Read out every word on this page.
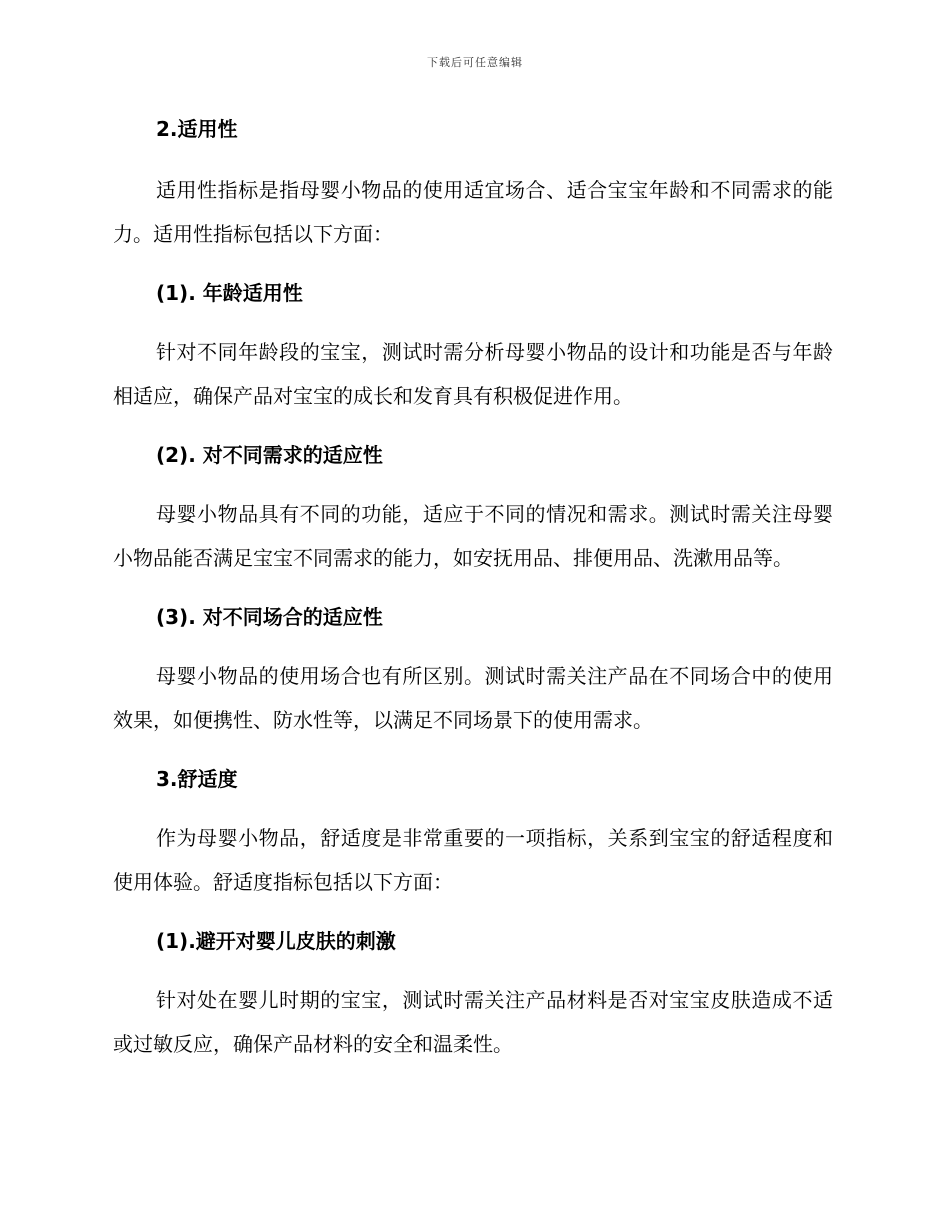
下载后可任意编辑

2.适用性

适用性指标是指母婴小物品的使用适宜场合、适合宝宝年龄和不同需求的能力。适用性指标包括以下方面：

(1). 年龄适用性

针对不同年龄段的宝宝，测试时需分析母婴小物品的设计和功能是否与年龄相适应，确保产品对宝宝的成长和发育具有积极促进作用。

(2). 对不同需求的适应性

母婴小物品具有不同的功能，适应于不同的情况和需求。测试时需关注母婴小物品能否满足宝宝不同需求的能力，如安抚用品、排便用品、洗漱用品等。

(3). 对不同场合的适应性

母婴小物品的使用场合也有所区别。测试时需关注产品在不同场合中的使用效果，如便携性、防水性等，以满足不同场景下的使用需求。

3.舒适度

作为母婴小物品，舒适度是非常重要的一项指标，关系到宝宝的舒适程度和使用体验。舒适度指标包括以下方面：

(1).避开对婴儿皮肤的刺激

针对处在婴儿时期的宝宝，测试时需关注产品材料是否对宝宝皮肤造成不适或过敏反应，确保产品材料的安全和温柔性。
